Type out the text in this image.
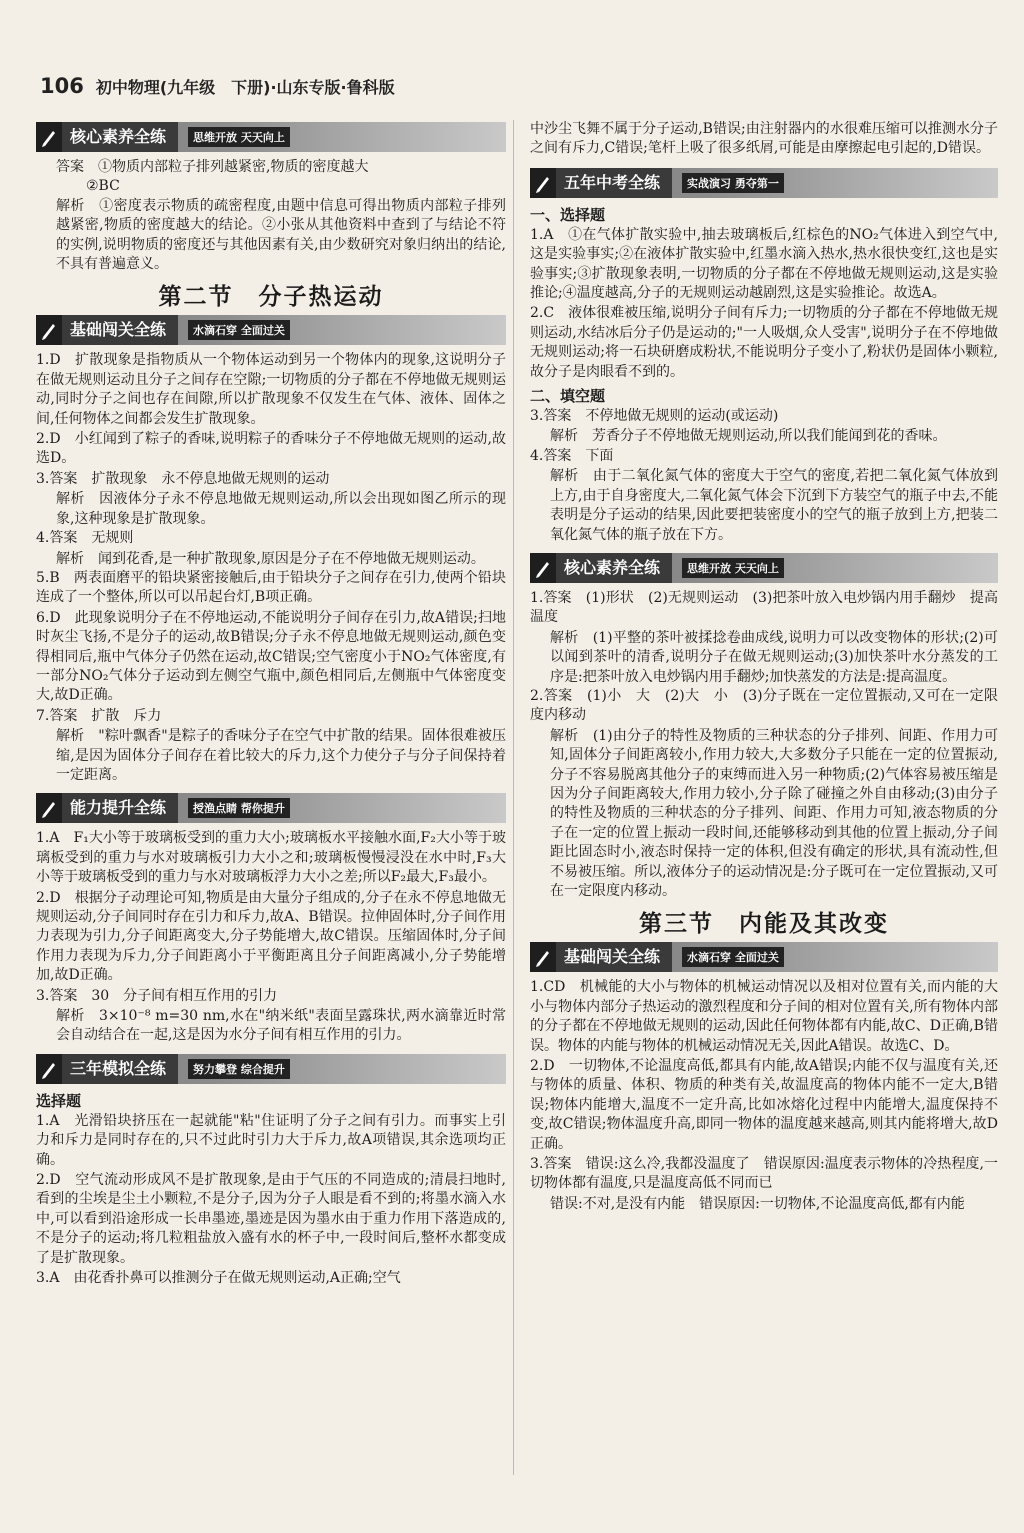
106 初中物理(九年级　下册)·山东专版·鲁科版
核心素养全练	思维开放 天天向上

答案　①物质内部粒子排列越紧密,物质的密度越大

②BC

解析　①密度表示物质的疏密程度,由题中信息可得出物质内部粒子排列越紧密,物质的密度越大的结论。②小张从其他资料中查到了与结论不符的实例,说明物质的密度还与其他因素有关,由少数研究对象归纳出的结论,不具有普遍意义。

第二节　分子热运动
基础闯关全练	水滴石穿 全面过关

1.D　扩散现象是指物质从一个物体运动到另一个物体内的现象,这说明分子在做无规则运动且分子之间存在空隙;一切物质的分子都在不停地做无规则运动,同时分子之间也存在间隙,所以扩散现象不仅发生在气体、液体、固体之间,任何物体之间都会发生扩散现象。

2.D　小红闻到了粽子的香味,说明粽子的香味分子不停地做无规则的运动,故选D。

3.答案　扩散现象　永不停息地做无规则的运动

解析　因液体分子永不停息地做无规则运动,所以会出现如图乙所示的现象,这种现象是扩散现象。

4.答案　无规则

解析　闻到花香,是一种扩散现象,原因是分子在不停地做无规则运动。

5.B　两表面磨平的铅块紧密接触后,由于铅块分子之间存在引力,使两个铅块连成了一个整体,所以可以吊起台灯,B项正确。

6.D　此现象说明分子在不停地运动,不能说明分子间存在引力,故A错误;扫地时灰尘飞扬,不是分子的运动,故B错误;分子永不停息地做无规则运动,颜色变得相同后,瓶中气体分子仍然在运动,故C错误;空气密度小于NO₂气体密度,有一部分NO₂气体分子运动到左侧空气瓶中,颜色相同后,左侧瓶中气体密度变大,故D正确。

7.答案　扩散　斥力

解析　"粽叶飘香"是粽子的香味分子在空气中扩散的结果。固体很难被压缩,是因为固体分子间存在着比较大的斥力,这个力使分子与分子间保持着一定距离。

能力提升全练	授渔点睛 帮你提升

1.A　F₁大小等于玻璃板受到的重力大小;玻璃板水平接触水面,F₂大小等于玻璃板受到的重力与水对玻璃板引力大小之和;玻璃板慢慢浸没在水中时,F₃大小等于玻璃板受到的重力与水对玻璃板浮力大小之差;所以F₂最大,F₃最小。

2.D　根据分子动理论可知,物质是由大量分子组成的,分子在永不停息地做无规则运动,分子间同时存在引力和斥力,故A、B错误。拉伸固体时,分子间作用力表现为引力,分子间距离变大,分子势能增大,故C错误。压缩固体时,分子间作用力表现为斥力,分子间距离小于平衡距离且分子间距离减小,分子势能增加,故D正确。

3.答案　30　分子间有相互作用的引力

解析　3×10⁻⁸ m=30 nm,水在"纳米纸"表面呈露珠状,两水滴靠近时常会自动结合在一起,这是因为水分子间有相互作用的引力。

三年模拟全练	努力攀登 综合提升
选择题

1.A　光滑铅块挤压在一起就能"粘"住证明了分子之间有引力。而事实上引力和斥力是同时存在的,只不过此时引力大于斥力,故A项错误,其余选项均正确。

2.D　空气流动形成风不是扩散现象,是由于气压的不同造成的;清晨扫地时,看到的尘埃是尘土小颗粒,不是分子,因为分子人眼是看不到的;将墨水滴入水中,可以看到沿途形成一长串墨迹,墨迹是因为墨水由于重力作用下落造成的,不是分子的运动;将几粒粗盐放入盛有水的杯子中,一段时间后,整杯水都变成了是扩散现象。

3.A　由花香扑鼻可以推测分子在做无规则运动,A正确;空气

中沙尘飞舞不属于分子运动,B错误;由注射器内的水很难压缩可以推测水分子之间有斥力,C错误;笔杆上吸了很多纸屑,可能是由摩擦起电引起的,D错误。

五年中考全练	实战演习 勇夺第一
一、选择题

1.A　①在气体扩散实验中,抽去玻璃板后,红棕色的NO₂气体进入到空气中,这是实验事实;②在液体扩散实验中,红墨水滴入热水,热水很快变红,这也是实验事实;③扩散现象表明,一切物质的分子都在不停地做无规则运动,这是实验推论;④温度越高,分子的无规则运动越剧烈,这是实验推论。故选A。

2.C　液体很难被压缩,说明分子间有斥力;一切物质的分子都在不停地做无规则运动,水结冰后分子仍是运动的;"一人吸烟,众人受害",说明分子在不停地做无规则运动;将一石块研磨成粉状,不能说明分子变小了,粉状仍是固体小颗粒,故分子是肉眼看不到的。

二、填空题

3.答案　不停地做无规则的运动(或运动)

解析　芳香分子不停地做无规则运动,所以我们能闻到花的香味。

4.答案　下面

解析　由于二氧化氮气体的密度大于空气的密度,若把二氧化氮气体放到上方,由于自身密度大,二氧化氮气体会下沉到下方装空气的瓶子中去,不能表明是分子运动的结果,因此要把装密度小的空气的瓶子放到上方,把装二氧化氮气体的瓶子放在下方。

核心素养全练	思维开放 天天向上

1.答案　(1)形状　(2)无规则运动　(3)把茶叶放入电炒锅内用手翻炒　提高温度

解析　(1)平整的茶叶被揉捻卷曲成线,说明力可以改变物体的形状;(2)可以闻到茶叶的清香,说明分子在做无规则运动;(3)加快茶叶水分蒸发的工序是:把茶叶放入电炒锅内用手翻炒;加快蒸发的方法是:提高温度。

2.答案　(1)小　大　(2)大　小　(3)分子既在一定位置振动,又可在一定限度内移动

解析　(1)由分子的特性及物质的三种状态的分子排列、间距、作用力可知,固体分子间距离较小,作用力较大,大多数分子只能在一定的位置振动,分子不容易脱离其他分子的束缚而进入另一种物质;(2)气体容易被压缩是因为分子间距离较大,作用力较小,分子除了碰撞之外自由移动;(3)由分子的特性及物质的三种状态的分子排列、间距、作用力可知,液态物质的分子在一定的位置上振动一段时间,还能够移动到其他的位置上振动,分子间距比固态时小,液态时保持一定的体积,但没有确定的形状,具有流动性,但不易被压缩。所以,液体分子的运动情况是:分子既可在一定位置振动,又可在一定限度内移动。

第三节　内能及其改变
基础闯关全练	水滴石穿 全面过关

1.CD　机械能的大小与物体的机械运动情况以及相对位置有关,而内能的大小与物体内部分子热运动的激烈程度和分子间的相对位置有关,所有物体内部的分子都在不停地做无规则的运动,因此任何物体都有内能,故C、D正确,B错误。物体的内能与物体的机械运动情况无关,因此A错误。故选C、D。

2.D　一切物体,不论温度高低,都具有内能,故A错误;内能不仅与温度有关,还与物体的质量、体积、物质的种类有关,故温度高的物体内能不一定大,B错误;物体内能增大,温度不一定升高,比如冰熔化过程中内能增大,温度保持不变,故C错误;物体温度升高,即同一物体的温度越来越高,则其内能将增大,故D正确。

3.答案　错误:这么冷,我都没温度了　错误原因:温度表示物体的冷热程度,一切物体都有温度,只是温度高低不同而已

错误:不对,是没有内能　错误原因:一切物体,不论温度高低,都有内能
